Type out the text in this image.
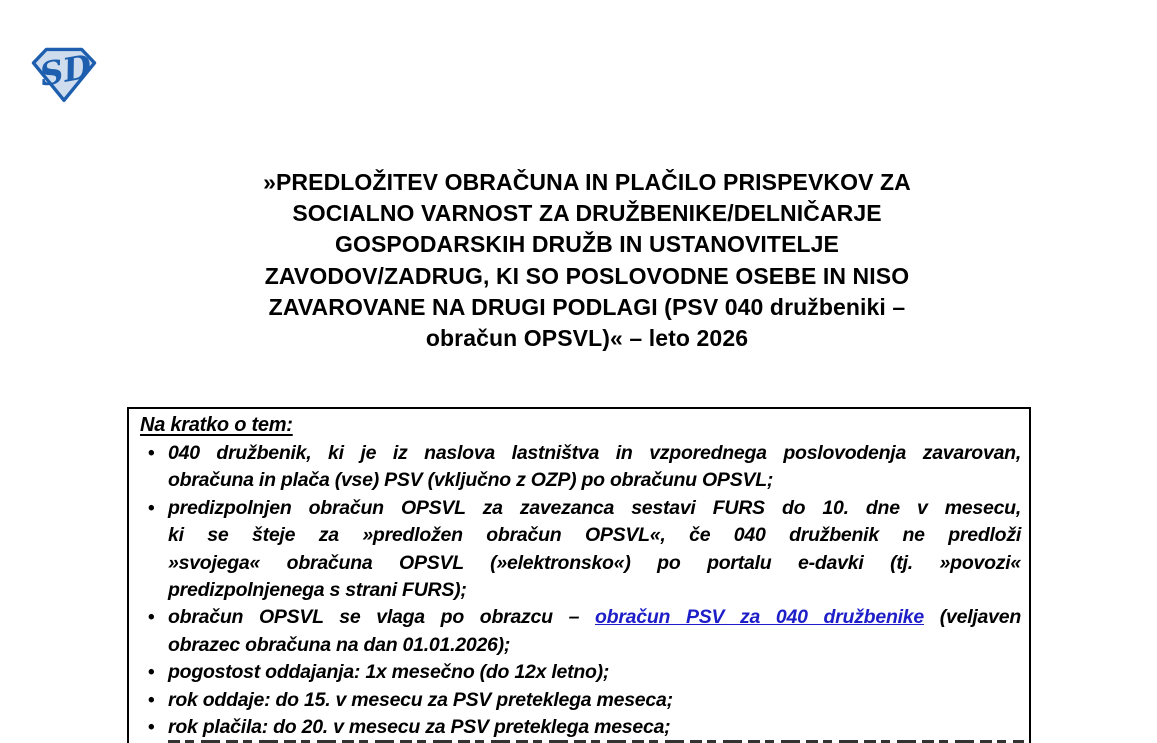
SD
»PREDLOŽITEV OBRAČUNA IN PLAČILO PRISPEVKOV ZA
SOCIALNO VARNOST ZA DRUŽBENIKE/DELNIČARJE
GOSPODARSKIH DRUŽB IN USTANOVITELJE
ZAVODOV/ZADRUG, KI SO POSLOVODNE OSEBE IN NISO
ZAVAROVANE NA DRUGI PODLAGI (PSV 040 družbeniki –
obračun OPSVL)« – leto 2026
Na kratko o tem:
• 040 družbenik, ki je iz naslova lastništva in vzporednega poslovodenja zavarovan,
obračuna in plača (vse) PSV (vključno z OZP) po obračunu OPSVL;
• predizpolnjen obračun OPSVL za zavezanca sestavi FURS do 10. dne v mesecu,
ki se šteje za »predložen obračun OPSVL«, če 040 družbenik ne predloži
»svojega« obračuna OPSVL (»elektronsko«) po portalu e-davki (tj. »povozi«
predizpolnjenega s strani FURS);
• obračun OPSVL se vlaga po obrazcu – obračun PSV za 040 družbenike (veljaven
obrazec obračuna na dan 01.01.2026);
• pogostost oddajanja: 1x mesečno (do 12x letno);
• rok oddaje: do 15. v mesecu za PSV preteklega meseca;
• rok plačila: do 20. v mesecu za PSV preteklega meseca;
